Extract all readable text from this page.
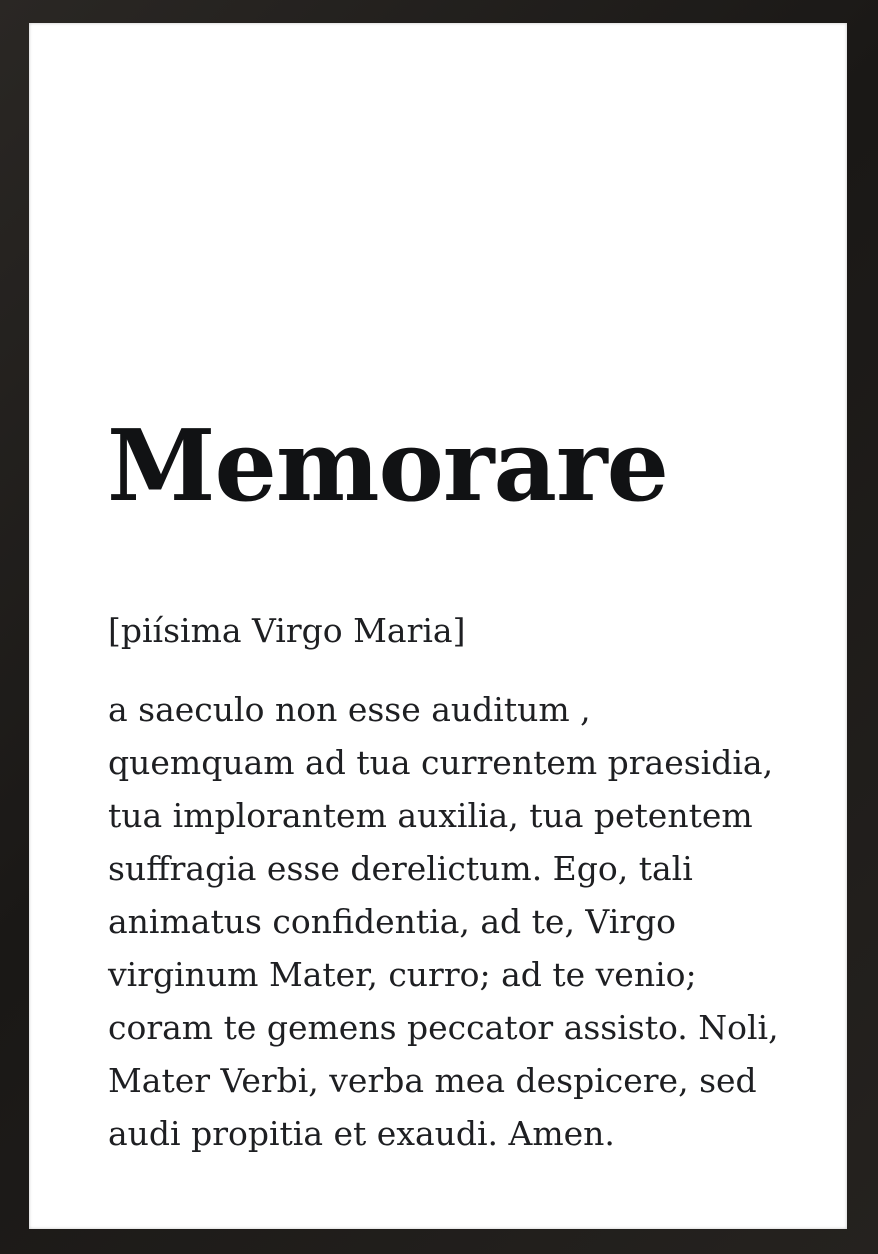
Memorare

[piísima Virgo Maria]

a saeculo non esse auditum ,
quemquam ad tua currentem praesidia,
tua implorantem auxilia, tua petentem
suffragia esse derelictum. Ego, tali
animatus confidentia, ad te, Virgo
virginum Mater, curro; ad te venio;
coram te gemens peccator assisto. Noli,
Mater Verbi, verba mea despicere, sed
audi propitia et exaudi. Amen.
